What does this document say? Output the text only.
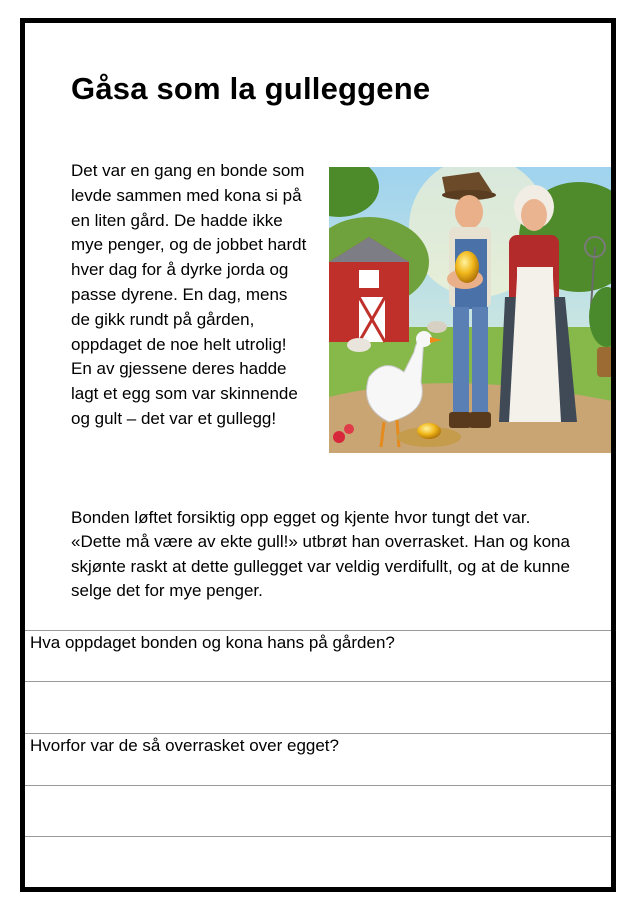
Gåsa som la gulleggene

Det var en gang en bonde som levde sammen med kona si på en liten gård. De hadde ikke mye penger, og de jobbet hardt hver dag for å dyrke jorda og passe dyrene. En dag, mens de gikk rundt på gården, oppdaget de noe helt utrolig! En av gjessene deres hadde lagt et egg som var skinnende og gult – det var et gullegg!

Bonden løftet forsiktig opp egget og kjente hvor tungt det var. «Dette må være av ekte gull!» utbrøt han overrasket. Han og kona skjønte raskt at dette gullegget var veldig verdifullt, og at de kunne selge det for mye penger.

Hva oppdaget bonden og kona hans på gården?
Hvorfor var de så overrasket over egget?
